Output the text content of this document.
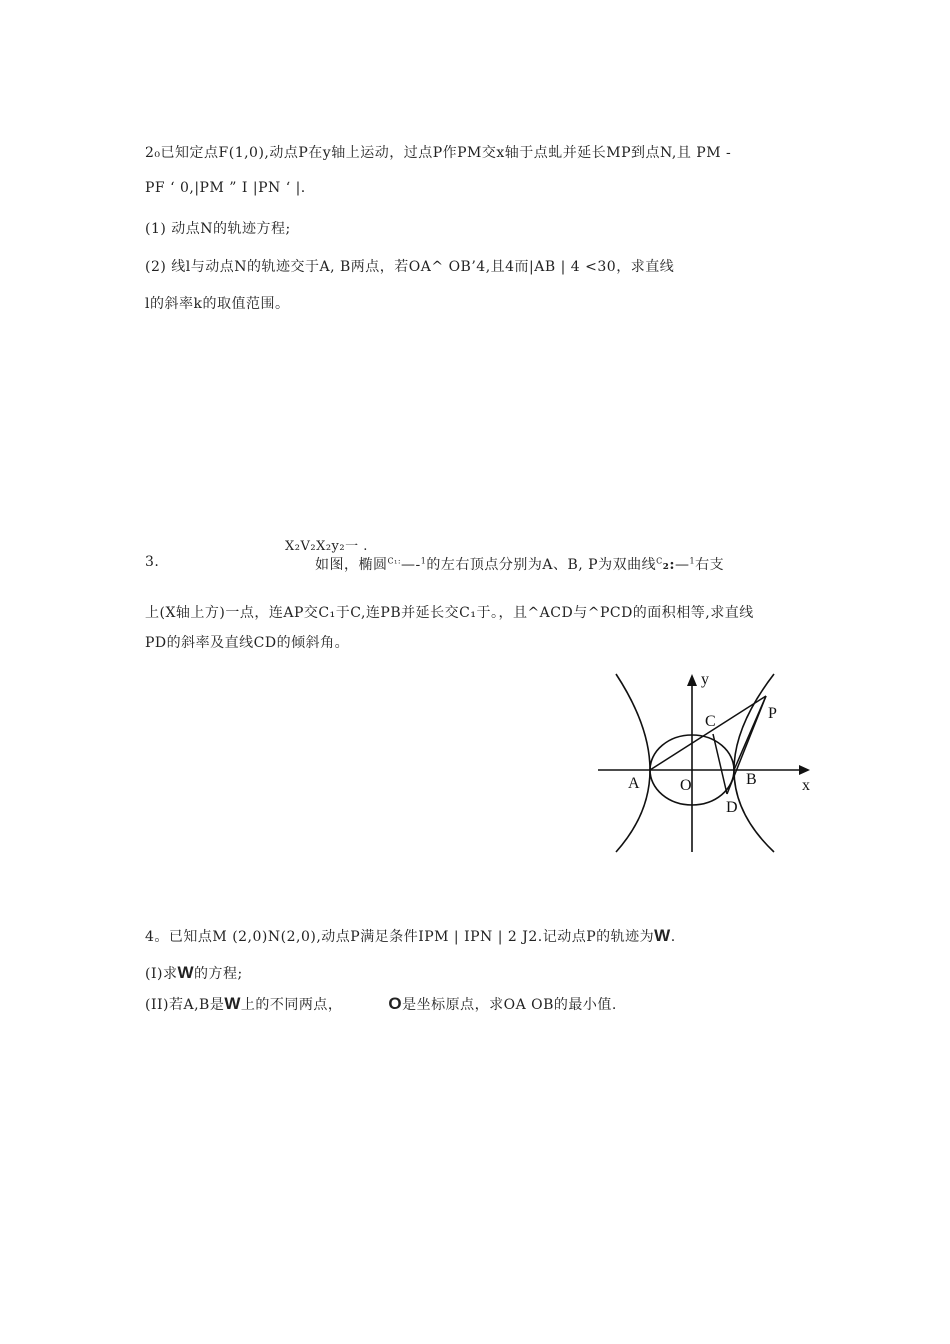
2₀已知定点F(1,0),动点P在y轴上运动，过点P作PM交x轴于点虬并延长MP到点N,且 PM -
PF ‘ 0,|PM ” I |PN ‘ |.
(1) 动点N的轨迹方程;
(2) 线l与动点N的轨迹交于A, B两点，若OA^ OB’4,且4而|AB | 4 <30，求直线
l的斜率k的取值范围。
X₂V₂X₂y₂一 .
3.	如图，椭圆$^{C_1:}$—-$^1$的左右顶点分别为A、B, P为双曲线$^C$₂:—$^1$右支
上(X轴上方)一点，连AP交C₁于C,连PB并延长交C₁于。，且^ACD与^PCD的面积相等,求直线
PD的斜率及直线CD的倾斜角。
y
x
A	O	B
C
D
P
4。已知点M (2,0)N(2,0),动点P满足条件IPM | IPN | 2 J2.记动点P的轨迹为W.
(I)求W的方程;
(II)若A,B是W上的不同两点，	O是坐标原点，求OA OB的最小值.
